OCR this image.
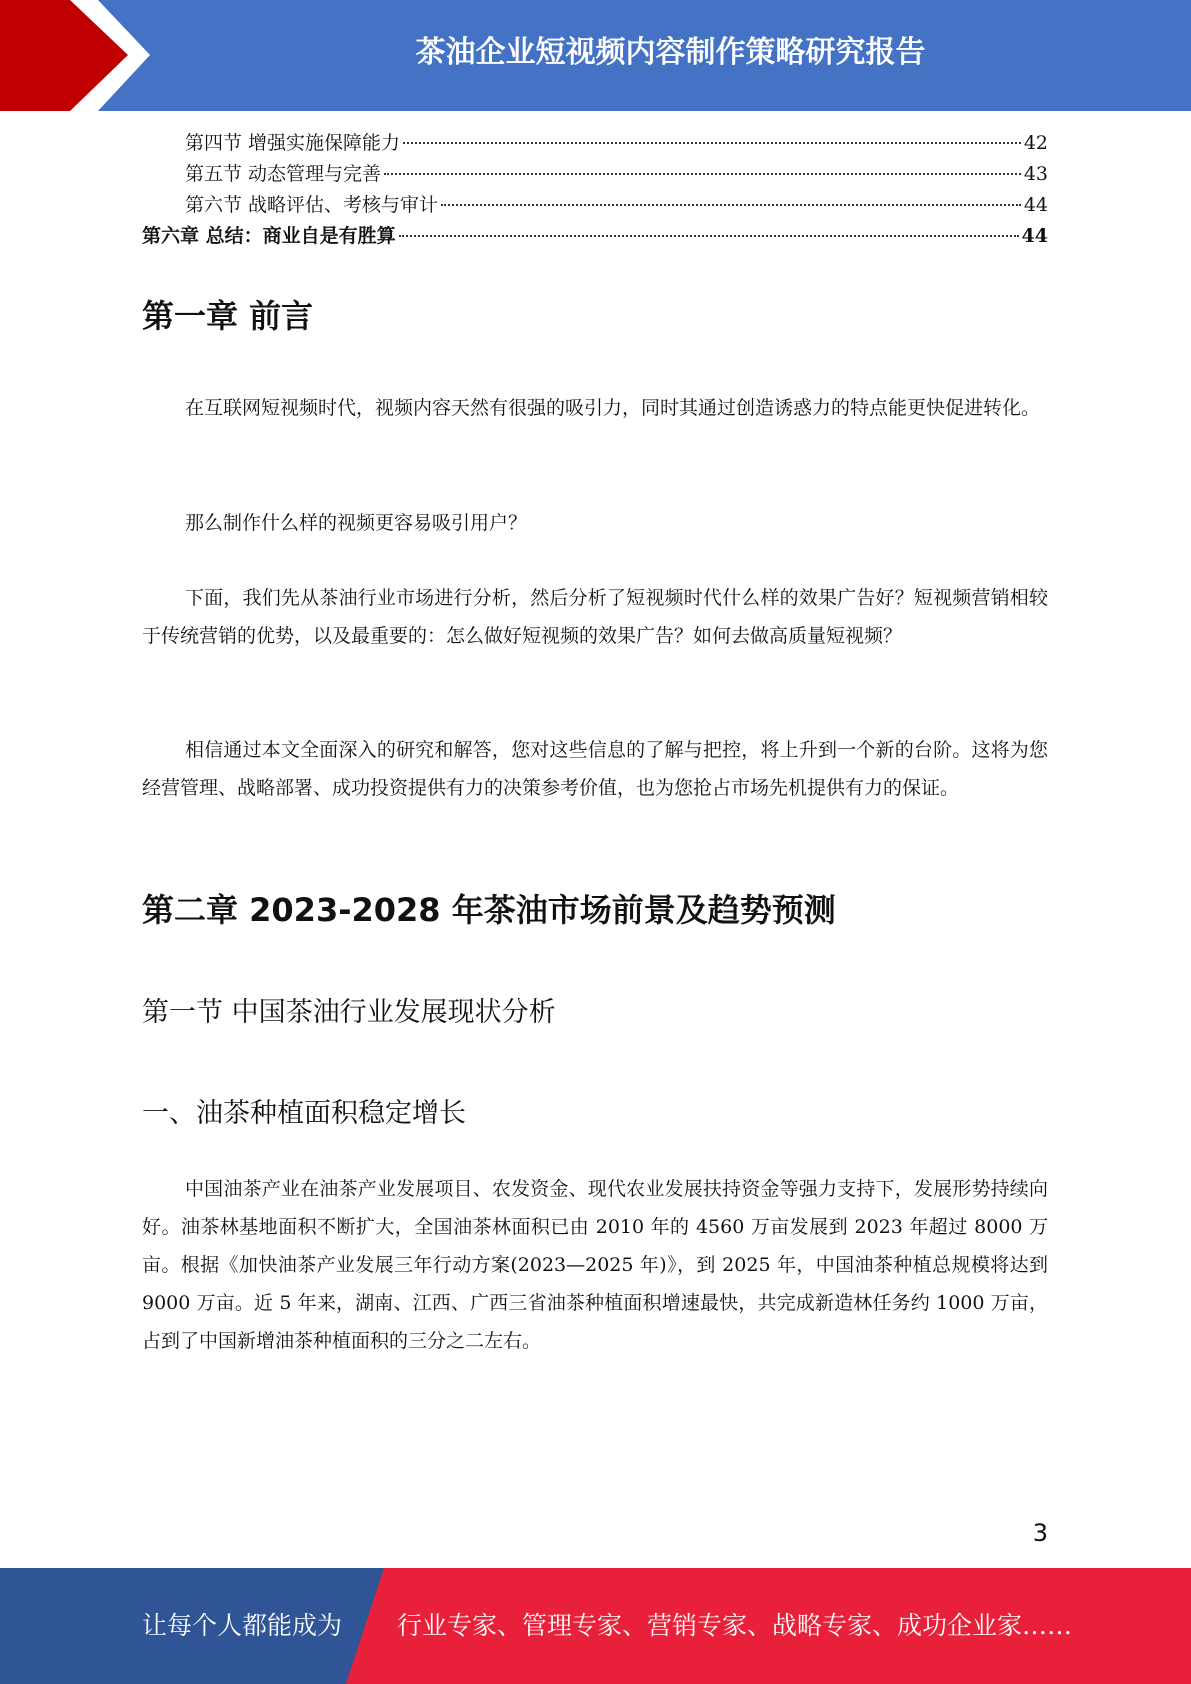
茶油企业短视频内容制作策略研究报告
第四节 增强实施保障能力	42
第五节 动态管理与完善	43
第六节 战略评估、考核与审计	44
第六章 总结：商业自是有胜算	44
第一章 前言

在互联网短视频时代，视频内容天然有很强的吸引力，同时其通过创造诱惑力的特点能更快促进转化。

那么制作什么样的视频更容易吸引用户？

下面，我们先从茶油行业市场进行分析，然后分析了短视频时代什么样的效果广告好？短视频营销相较于传统营销的优势，以及最重要的：怎么做好短视频的效果广告？如何去做高质量短视频？

相信通过本文全面深入的研究和解答，您对这些信息的了解与把控，将上升到一个新的台阶。这将为您经营管理、战略部署、成功投资提供有力的决策参考价值，也为您抢占市场先机提供有力的保证。

第二章 2023-2028 年茶油市场前景及趋势预测
第一节 中国茶油行业发展现状分析
一、油茶种植面积稳定增长

中国油茶产业在油茶产业发展项目、农发资金、现代农业发展扶持资金等强力支持下，发展形势持续向好。油茶林基地面积不断扩大，全国油茶林面积已由 2010 年的 4560 万亩发展到 2023 年超过 8000 万亩。根据《加快油茶产业发展三年行动方案(2023—2025 年)》，到 2025 年，中国油茶种植总规模将达到 9000 万亩。近 5 年来，湖南、江西、广西三省油茶种植面积增速最快，共完成新造林任务约 1000 万亩，占到了中国新增油茶种植面积的三分之二左右。

3
让每个人都能成为 行业专家、管理专家、营销专家、战略专家、成功企业家……
